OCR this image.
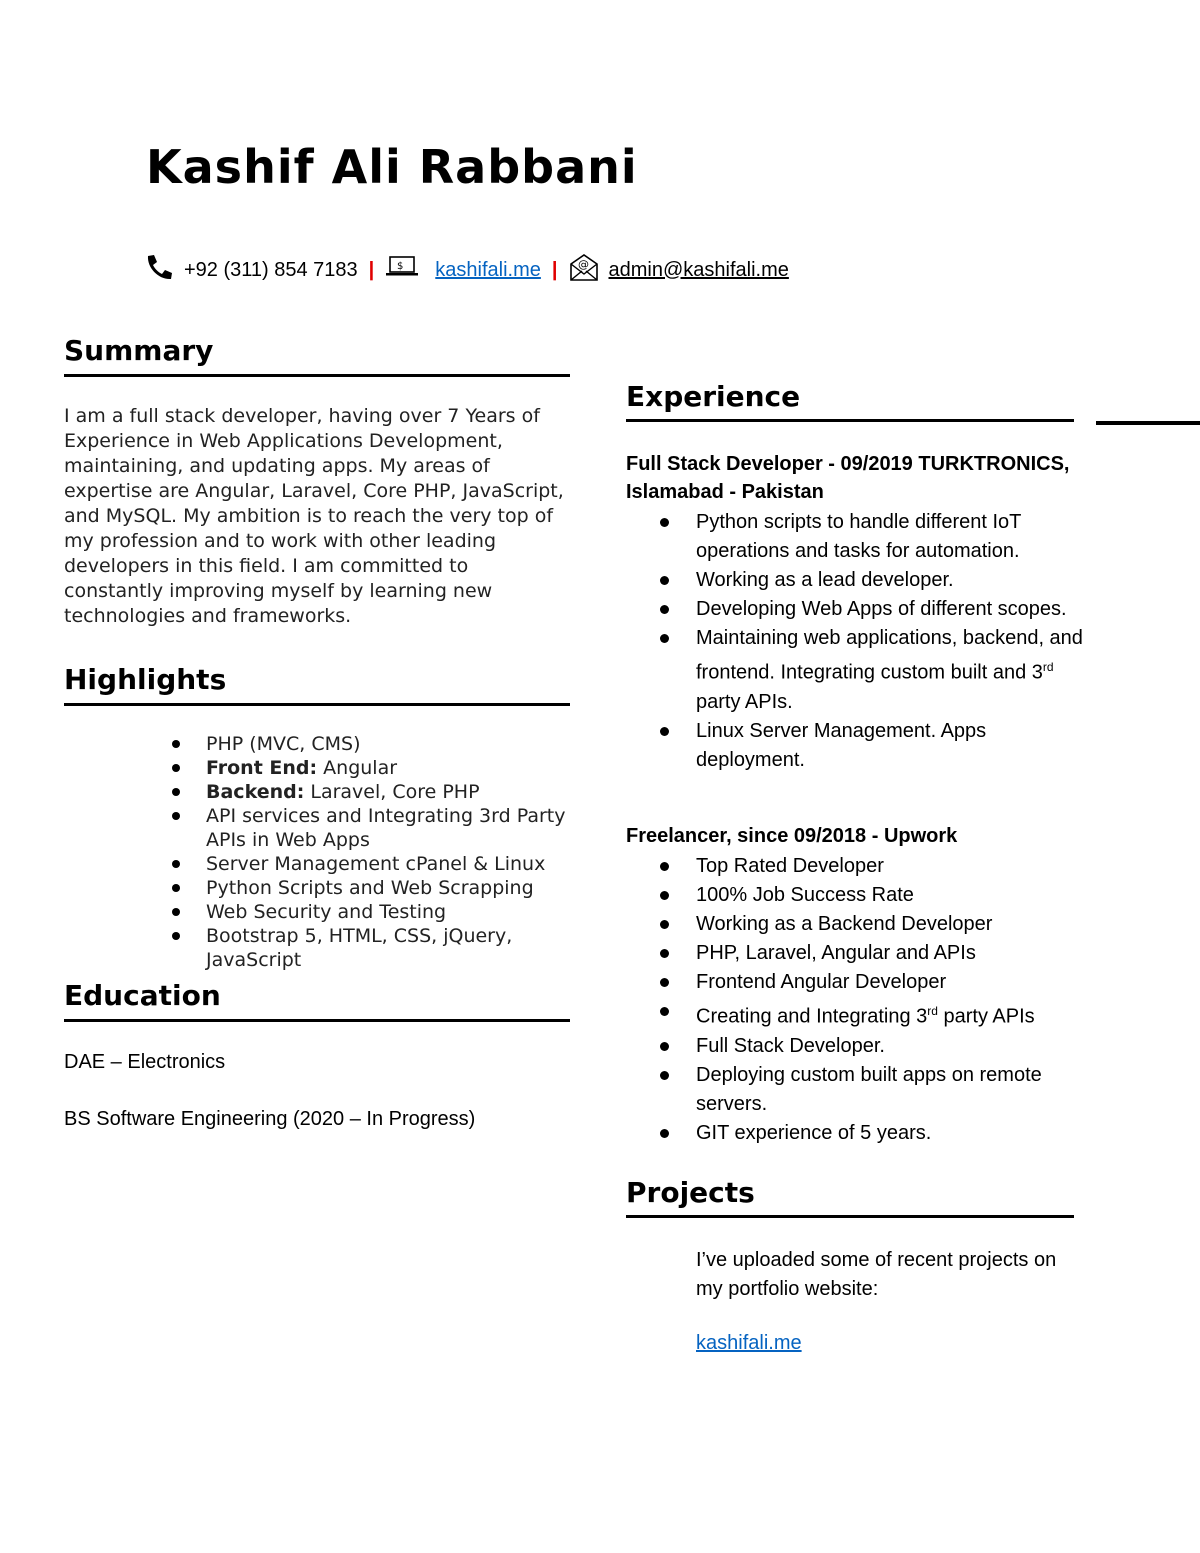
Kashif Ali Rabbani
+92 (311) 854 7183 | $ kashifali.me | @ admin@kashifali.me
Summary
I am a full stack developer, having over 7 Years of Experience in Web Applications Development, maintaining, and updating apps. My areas of expertise are Angular, Laravel, Core PHP, JavaScript, and MySQL. My ambition is to reach the very top of my profession and to work with other leading developers in this field. I am committed to constantly improving myself by learning new technologies and frameworks.
Highlights
PHP (MVC, CMS)
Front End: Angular
Backend: Laravel, Core PHP
API services and Integrating 3rd Party APIs in Web Apps
Server Management cPanel & Linux
Python Scripts and Web Scrapping
Web Security and Testing
Bootstrap 5, HTML, CSS, jQuery, JavaScript
Education
DAE – Electronics
BS Software Engineering (2020 – In Progress)
Experience
Full Stack Developer - 09/2019 TURKTRONICS, Islamabad - Pakistan
Python scripts to handle different IoT operations and tasks for automation.
Working as a lead developer.
Developing Web Apps of different scopes.
Maintaining web applications, backend, and frontend. Integrating custom built and 3rd party APIs.
Linux Server Management. Apps deployment.
Freelancer, since 09/2018 - Upwork
Top Rated Developer
100% Job Success Rate
Working as a Backend Developer
PHP, Laravel, Angular and APIs
Frontend Angular Developer
Creating and Integrating 3rd party APIs
Full Stack Developer.
Deploying custom built apps on remote servers.
GIT experience of 5 years.
Projects
I’ve uploaded some of recent projects on my portfolio website:
kashifali.me
